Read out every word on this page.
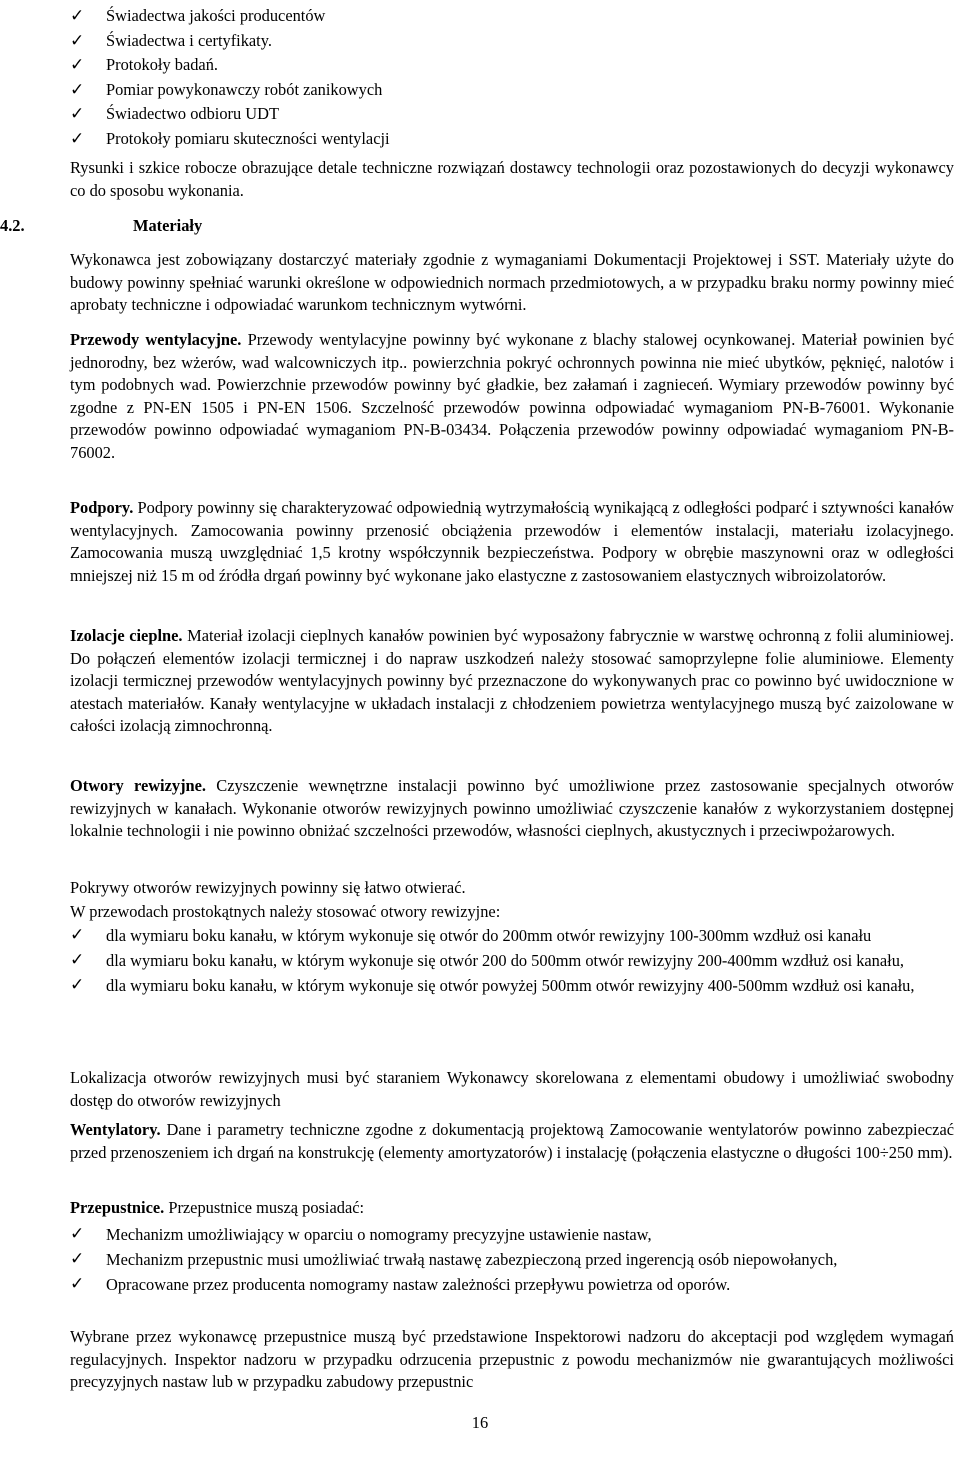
✓	Świadectwa jakości producentów
✓	Świadectwa i certyfikaty.
✓	Protokoły badań.
✓	Pomiar powykonawczy robót zanikowych
✓	Świadectwo odbioru UDT
✓	Protokoły pomiaru skuteczności wentylacji
Rysunki i szkice robocze obrazujące detale techniczne rozwiązań dostawcy technologii oraz pozostawionych do decyzji wykonawcy co do sposobu wykonania.
4.2.	Materiały
Wykonawca jest zobowiązany dostarczyć materiały zgodnie z wymaganiami Dokumentacji Projektowej i SST. Materiały użyte do budowy powinny spełniać warunki określone w odpowiednich normach przedmiotowych, a w przypadku braku normy powinny mieć aprobaty techniczne i odpowiadać warunkom technicznym wytwórni.
Przewody wentylacyjne. Przewody wentylacyjne powinny być wykonane z blachy stalowej ocynkowanej. Materiał powinien być jednorodny, bez wżerów, wad walcowniczych itp.. powierzchnia pokryć ochronnych powinna nie mieć ubytków, pęknięć, nalotów i tym podobnych wad. Powierzchnie przewodów powinny być gładkie, bez załamań i zagnieceń. Wymiary przewodów powinny być zgodne z PN-EN 1505 i PN-EN 1506. Szczelność przewodów powinna odpowiadać wymaganiom PN-B-76001. Wykonanie przewodów powinno odpowiadać wymaganiom PN-B-03434. Połączenia przewodów powinny odpowiadać wymaganiom PN-B-76002.
Podpory. Podpory powinny się charakteryzować odpowiednią wytrzymałością wynikającą z odległości podparć i sztywności kanałów wentylacyjnych. Zamocowania powinny przenosić obciążenia przewodów i elementów instalacji, materiału izolacyjnego. Zamocowania muszą uwzględniać 1,5 krotny współczynnik bezpieczeństwa. Podpory w obrębie maszynowni oraz w odległości mniejszej niż 15 m od źródła drgań powinny być wykonane jako elastyczne z zastosowaniem elastycznych wibroizolatorów.
Izolacje cieplne. Materiał izolacji cieplnych kanałów powinien być wyposażony fabrycznie w warstwę ochronną z folii aluminiowej. Do połączeń elementów izolacji termicznej i do napraw uszkodzeń należy stosować samoprzylepne folie aluminiowe. Elementy izolacji termicznej przewodów wentylacyjnych powinny być przeznaczone do wykonywanych prac co powinno być uwidocznione w atestach materiałów. Kanały wentylacyjne w układach instalacji z chłodzeniem powietrza wentylacyjnego muszą być zaizolowane w całości izolacją zimnochronną.
Otwory rewizyjne. Czyszczenie wewnętrzne instalacji powinno być umożliwione przez zastosowanie specjalnych otworów rewizyjnych w kanałach. Wykonanie otworów rewizyjnych powinno umożliwiać czyszczenie kanałów z wykorzystaniem dostępnej lokalnie technologii i nie powinno obniżać szczelności przewodów, własności cieplnych, akustycznych i przeciwpożarowych.
Pokrywy otworów rewizyjnych powinny się łatwo otwierać.
W przewodach prostokątnych należy stosować otwory rewizyjne:
✓	dla wymiaru boku kanału, w którym wykonuje się otwór do 200mm otwór rewizyjny 100-300mm wzdłuż osi kanału
✓	dla wymiaru boku kanału, w którym wykonuje się otwór 200 do 500mm otwór rewizyjny 200-400mm wzdłuż osi kanału,
✓	dla wymiaru boku kanału, w którym wykonuje się otwór powyżej 500mm otwór rewizyjny 400-500mm wzdłuż osi kanału,
Lokalizacja otworów rewizyjnych musi być staraniem Wykonawcy skorelowana z elementami obudowy i umożliwiać swobodny dostęp do otworów rewizyjnych
Wentylatory. Dane i parametry techniczne zgodne z dokumentacją projektową Zamocowanie wentylatorów powinno zabezpieczać przed przenoszeniem ich drgań na konstrukcję (elementy amortyzatorów) i instalację (połączenia elastyczne o długości 100÷250 mm).
Przepustnice. Przepustnice muszą posiadać:
✓	Mechanizm umożliwiający w oparciu o nomogramy precyzyjne ustawienie nastaw,
✓	Mechanizm przepustnic musi umożliwiać trwałą nastawę zabezpieczoną przed ingerencją osób niepowołanych,
✓	Opracowane przez producenta nomogramy nastaw zależności przepływu powietrza od oporów.
Wybrane przez wykonawcę przepustnice muszą być przedstawione Inspektorowi nadzoru do akceptacji pod względem wymagań regulacyjnych. Inspektor nadzoru w przypadku odrzucenia przepustnic z powodu mechanizmów nie gwarantujących możliwości precyzyjnych nastaw lub w przypadku zabudowy przepustnic
16
